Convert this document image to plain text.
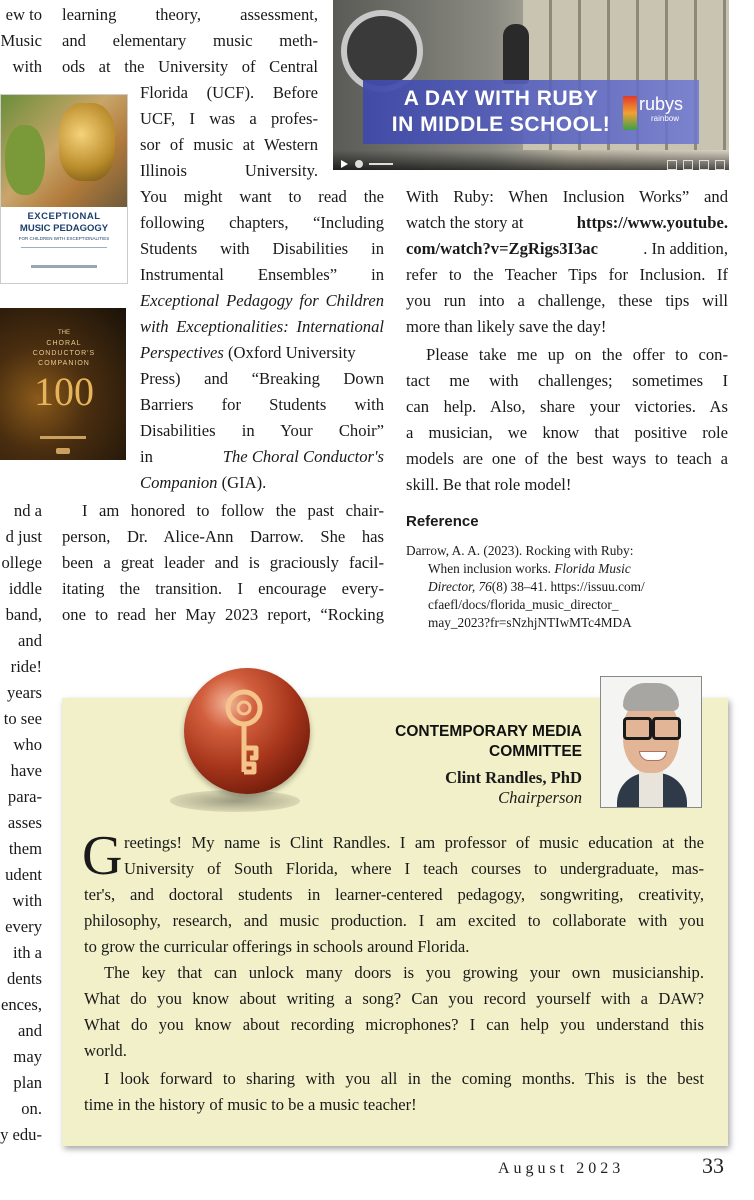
ew to
Music
with
nd a
d just
ollege
iddle
band,
and
ride!
years
to see
who
have
para-
asses
them
udent
with
every
ith a
dents
ences,
and
may
plan
on.
y edu-
EXCEPTIONAL
MUSIC PEDAGOGY
FOR CHILDREN WITH EXCEPTIONALITIES
THE
CHORAL
CONDUCTOR'S
COMPANION
100
learning theory, assessment,
and elementary music meth-
ods at the University of Central
Florida (UCF). Before
UCF, I was a profes-
sor of music at Western
Illinois University.
You might want to read the
following chapters, “Including
Students with Disabilities in
Instrumental Ensembles” in
Exceptional Pedagogy for Children
with Exceptionalities: International
Perspectives (Oxford University
Press) and “Breaking Down
Barriers for Students with
Disabilities in Your Choir”
in	The Choral Conductor's
Companion (GIA).
I am honored to follow the past chair-
person, Dr. Alice-Ann Darrow. She has
been a great leader and is graciously facil-
itating the transition. I encourage every-
one to read her May 2023 report, “Rocking
A DAY WITH RUBY
IN MIDDLE SCHOOL!
rubys
rainbow
With Ruby: When Inclusion Works” and
watch the story at	https://www.youtube.
com/watch?v=ZgRigs3I3ac	. In addition,
refer to the Teacher Tips for Inclusion. If
you run into a challenge, these tips will
more than likely save the day!
Please take me up on the offer to con-
tact me with challenges; sometimes I
can help. Also, share your victories. As
a musician, we know that positive role
models are one of the best ways to teach a
skill. Be that role model!
Reference
Darrow, A. A. (2023). Rocking with Ruby:
When inclusion works. Florida Music
Director, 76(8) 38–41. https://issuu.com/
cfaefl/docs/florida_music_director_
may_2023?fr=sNzhjNTIwMTc4MDA
CONTEMPORARY MEDIA
COMMITTEE
Clint Randles, PhD
Chairperson
G reetings! My name is Clint Randles. I am professor of music education at the
University of South Florida, where I teach courses to undergraduate, mas-
ter's, and doctoral students in learner-centered pedagogy, songwriting, creativity,
philosophy, research, and music production. I am excited to collaborate with you
to grow the curricular offerings in schools around Florida.
The key that can unlock many doors is you growing your own musicianship.
What do you know about writing a song? Can you record yourself with a DAW?
What do you know about recording microphones? I can help you understand this
world.
I look forward to sharing with you all in the coming months. This is the best
time in the history of music to be a music teacher!
August 2023	33
